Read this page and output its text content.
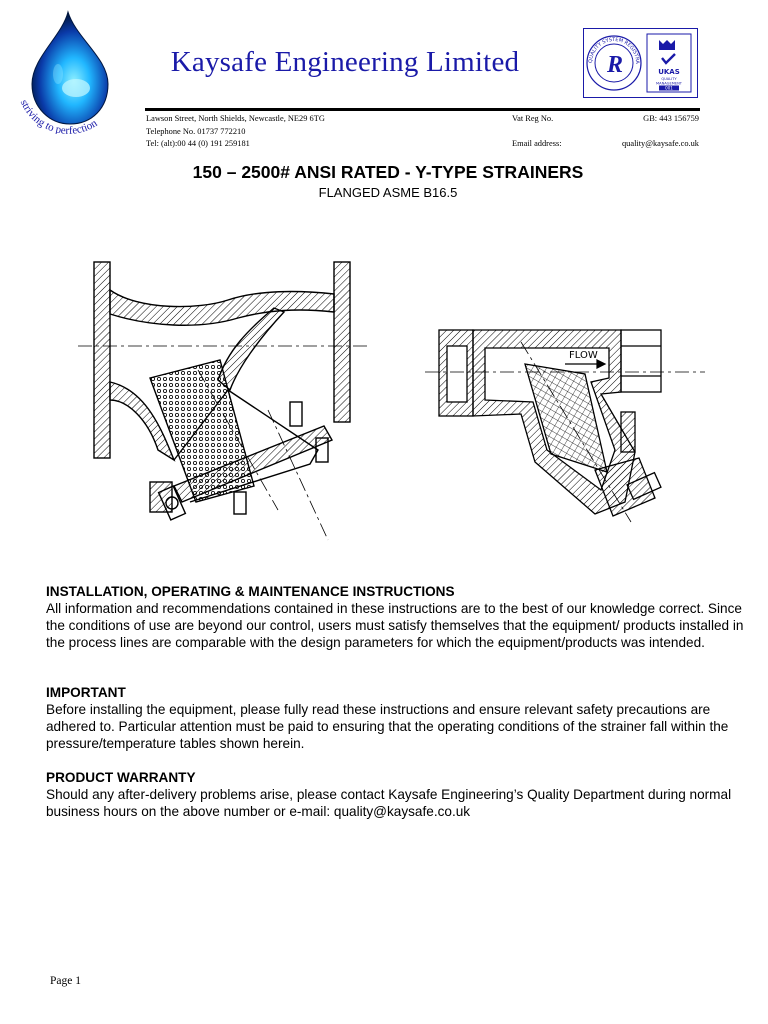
striving to perfection
Kaysafe Engineering Limited	QUALITY SYSTEM REGISTRA
R	UKAS
QUALITY
MANAGEMENT
001
Lawson Street, North Shields, Newcastle, NE29 6TG
Telephone No. 01737 772210
Tel: (alt):00 44 (0) 191 259181
Vat Reg No.

Email address:
GB: 443 156759

quality@kaysafe.co.uk
150 – 2500# ANSI RATED - Y-TYPE STRAINERS
FLANGED ASME B16.5
FLOW
INSTALLATION, OPERATING & MAINTENANCE INSTRUCTIONS

All information and recommendations contained in these instructions are to the best of our knowledge correct. Since the conditions of use are beyond our control, users must satisfy themselves that the equipment/ products installed in the process lines are comparable with the design parameters for which the equipment/products was intended.

IMPORTANT

Before installing the equipment, please fully read these instructions and ensure relevant safety precautions are adhered to. Particular attention must be paid to ensuring that the operating conditions of the strainer fall within the pressure/temperature tables shown herein.

PRODUCT WARRANTY

Should any after-delivery problems arise, please contact Kaysafe Engineering’s Quality Department during normal business hours on the above number or e-mail: quality@kaysafe.co.uk

Page 1
